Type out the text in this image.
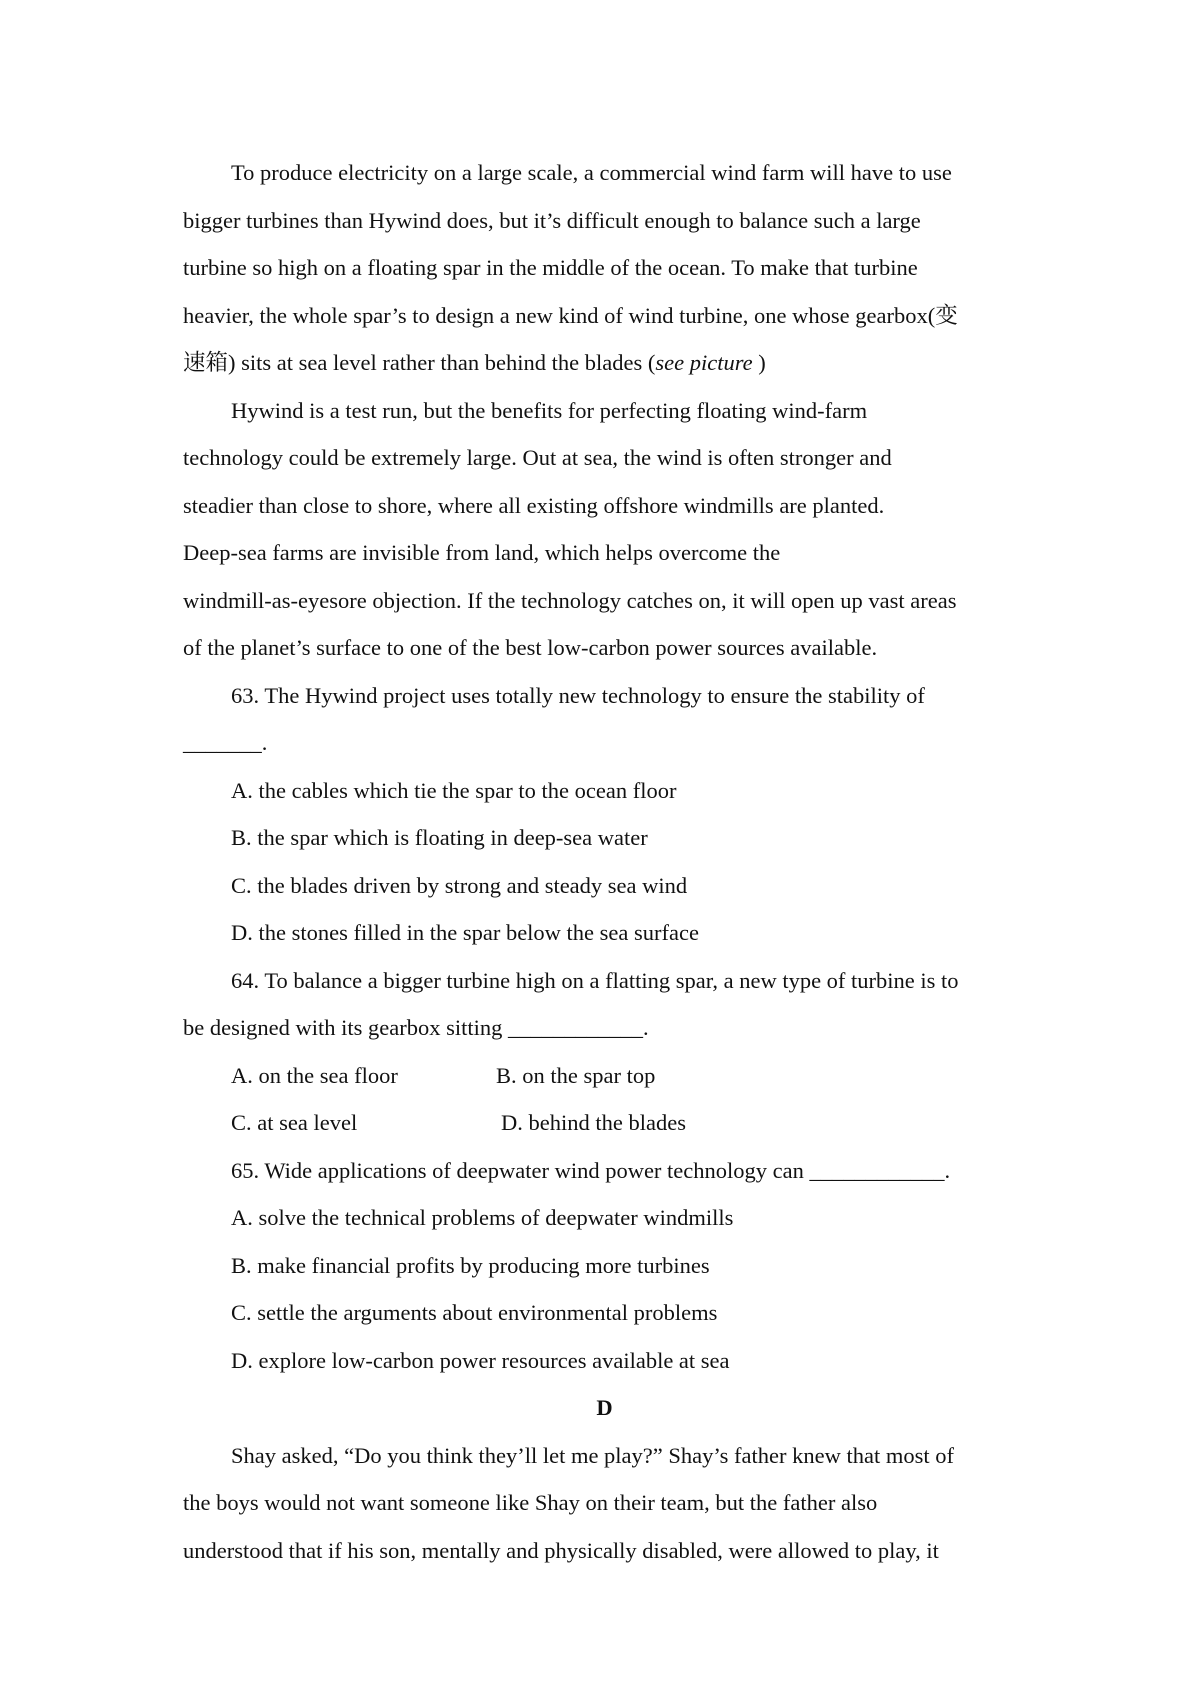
To produce electricity on a large scale, a commercial wind farm will have to use
bigger turbines than Hywind does, but it’s difficult enough to balance such a large
turbine so high on a floating spar in the middle of the ocean. To make that turbine
heavier, the whole spar’s to design a new kind of wind turbine, one whose gearbox(变
速箱) sits at sea level rather than behind the blades (see picture )
Hywind is a test run, but the benefits for perfecting floating wind-farm
technology could be extremely large. Out at sea, the wind is often stronger and
steadier than close to shore, where all existing offshore windmills are planted.
Deep-sea farms are invisible from land, which helps overcome the
windmill-as-eyesore objection. If the technology catches on, it will open up vast areas
of the planet’s surface to one of the best low-carbon power sources available.
63. The Hywind project uses totally new technology to ensure the stability of
_______.
A. the cables which tie the spar to the ocean floor
B. the spar which is floating in deep-sea water
C. the blades driven by strong and steady sea wind
D. the stones filled in the spar below the sea surface
64. To balance a bigger turbine high on a flatting spar, a new type of turbine is to
be designed with its gearbox sitting ____________.
A. on the sea floor	B. on the spar top
C. at sea level	D. behind the blades
65. Wide applications of deepwater wind power technology can ____________.
A. solve the technical problems of deepwater windmills
B. make financial profits by producing more turbines
C. settle the arguments about environmental problems
D. explore low-carbon power resources available at sea
D
Shay asked, “Do you think they’ll let me play?” Shay’s father knew that most of
the boys would not want someone like Shay on their team, but the father also
understood that if his son, mentally and physically disabled, were allowed to play, it
